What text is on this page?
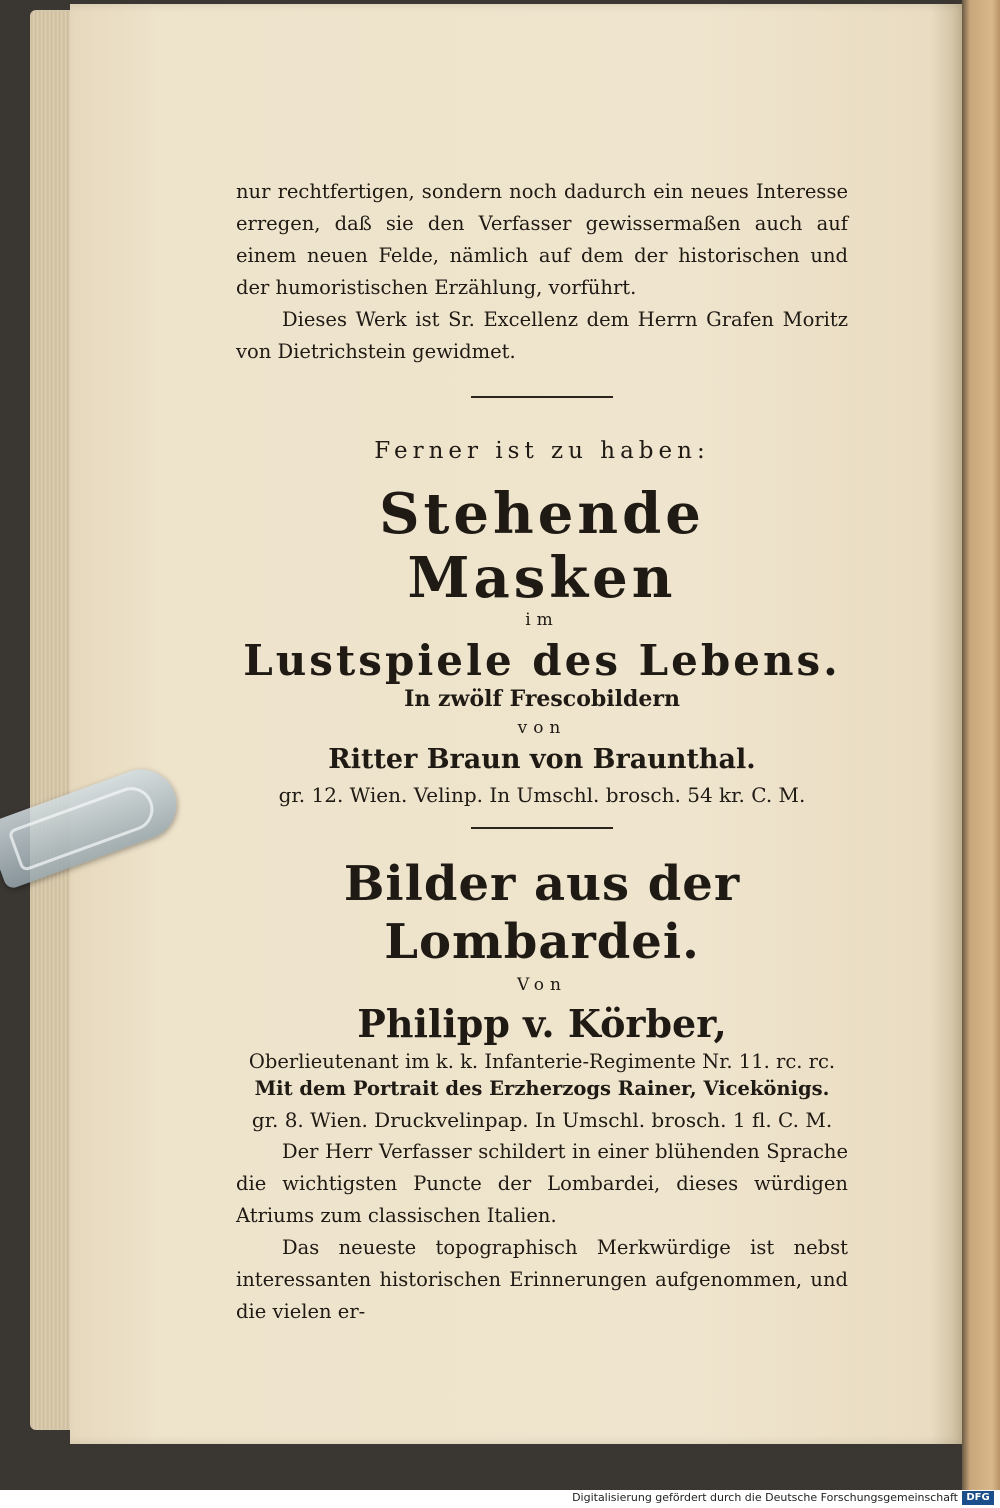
nur rechtfertigen, sondern noch dadurch ein neues Interesse erregen, daß sie den Verfasser gewissermaßen auch auf einem neuen Felde, nämlich auf dem der historischen und der humoristischen Erzählung, vorführt.

Dieses Werk ist Sr. Excellenz dem Herrn Grafen Moritz von Dietrichstein gewidmet.

Ferner ist zu haben:

Stehende Masken

im

Lustspiele des Lebens.

In zwölf Frescobildern

von

Ritter Braun von Braunthal.

gr. 12. Wien. Velinp. In Umschl. brosch. 54 kr. C. M.

Bilder aus der Lombardei.

Von

Philipp v. Körber,

Oberlieutenant im k. k. Infanterie-Regimente Nr. 11. rc. rc.

Mit dem Portrait des Erzherzogs Rainer, Vicekönigs.

gr. 8. Wien. Druckvelinpap. In Umschl. brosch. 1 fl. C. M.

Der Herr Verfasser schildert in einer blühenden Sprache die wichtigsten Puncte der Lombardei, dieses würdigen Atriums zum classischen Italien.

Das neueste topographisch Merkwürdige ist nebst interessanten historischen Erinnerungen aufgenommen, und die vielen er-

Digitalisierung gefördert durch die Deutsche Forschungsgemeinschaft DFG
